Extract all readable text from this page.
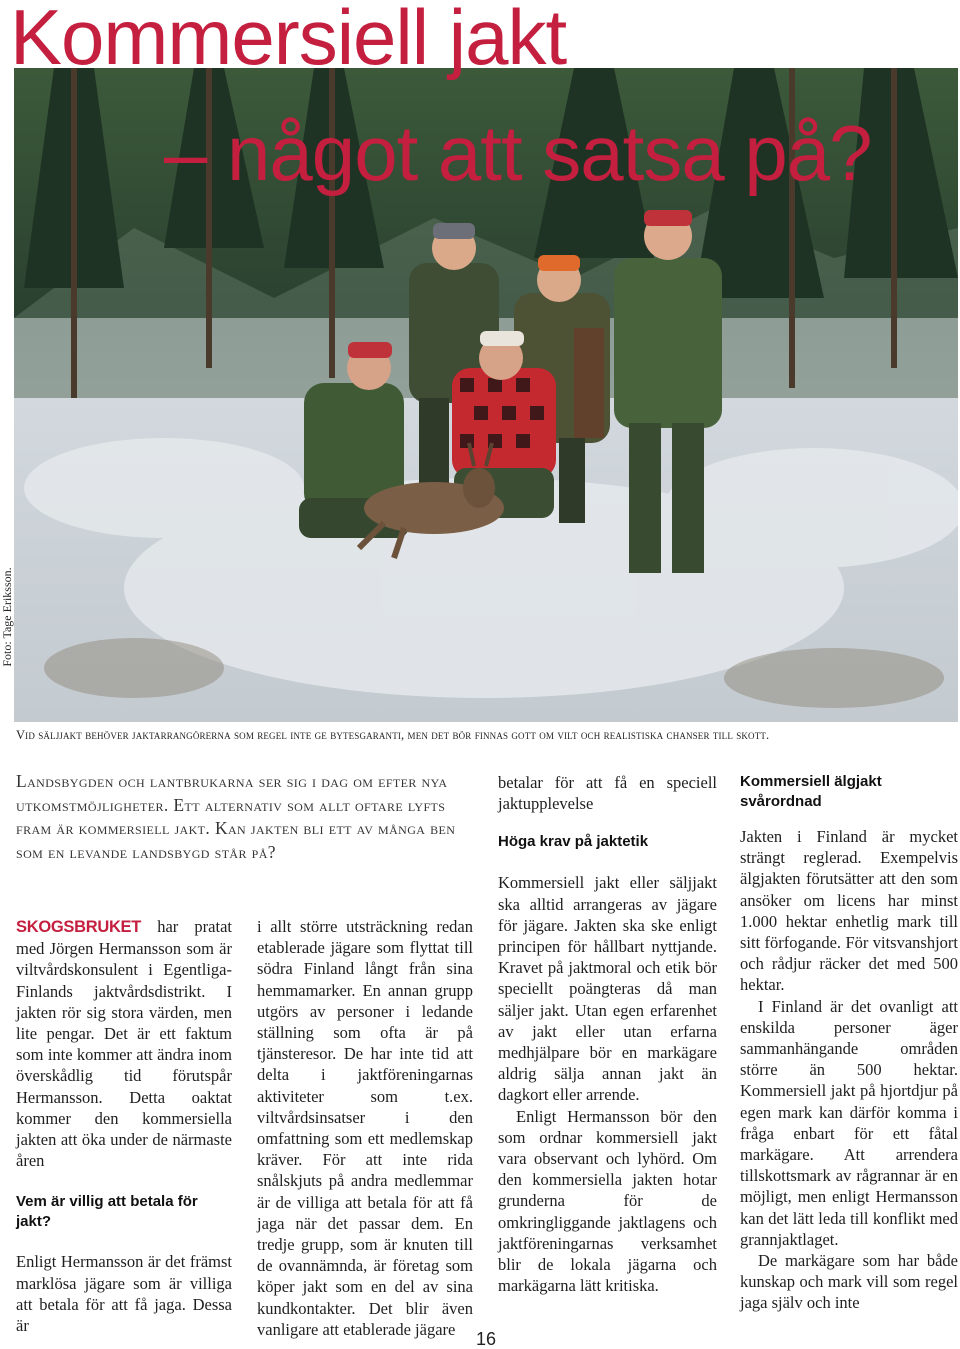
Kommersiell jakt
– något att satsa på?
Foto: Tage Eriksson.

Vid säljjakt behöver jaktarrangörerna som regel inte ge bytesgaranti, men det bör finnas gott om vilt och realistiska chanser till skott.

Landsbygden och lantbrukarna ser sig i dag om efter nya utkomstmöjligheter. Ett alternativ som allt oftare lyfts fram är kommersiell jakt. Kan jakten bli ett av många ben som en levande landsbygd står på?

SKOGSBRUKET har pratat med Jörgen Hermansson som är viltvårdskonsulent i Egentliga-Finlands jaktvårdsdistrikt. I jakten rör sig stora värden, men lite pengar. Det är ett faktum som inte kommer att ändra inom överskådlig tid förutspår Hermansson. Detta oaktat kommer den kommersiella jakten att öka under de närmaste åren

Vem är villig att betala för jakt?

Enligt Hermansson är det främst marklösa jägare som är villiga att betala för att få jaga. Dessa är

i allt större utsträckning redan etablerade jägare som flyttat till södra Finland långt från sina hemmamarker. En annan grupp utgörs av personer i ledande ställning som ofta är på tjänsteresor. De har inte tid att delta i jaktföreningarnas aktiviteter som t.ex. viltvårdsinsatser i den omfattning som ett medlemskap kräver. För att inte rida snålskjuts på andra medlemmar är de villiga att betala för att få jaga när det passar dem. En tredje grupp, som är knuten till de ovannämnda, är företag som köper jakt som en del av sina kundkontakter. Det blir även vanligare att etablerade jägare

betalar för att få en speciell jaktupplevelse

Höga krav på jaktetik

Kommersiell jakt eller säljjakt ska alltid arrangeras av jägare för jägare. Jakten ska ske enligt principen för hållbart nyttjande. Kravet på jaktmoral och etik bör speciellt poängteras då man säljer jakt. Utan egen erfarenhet av jakt eller utan erfarna medhjälpare bör en markägare aldrig sälja annan jakt än dagkort eller arrende.

Enligt Hermansson bör den som ordnar kommersiell jakt vara observant och lyhörd. Om den kommersiella jakten hotar grunderna för de omkringliggande jaktlagens och jaktföreningarnas verksamhet blir de lokala jägarna och markägarna lätt kritiska.

Kommersiell älgjakt svårordnad

Jakten i Finland är mycket strängt reglerad. Exempelvis älgjakten förutsätter att den som ansöker om licens har minst 1.000 hektar enhetlig mark till sitt förfogande. För vitsvanshjort och rådjur räcker det med 500 hektar.

I Finland är det ovanligt att enskilda personer äger sammanhängande områden större än 500 hektar. Kommersiell jakt på hjortdjur på egen mark kan därför komma i fråga enbart för ett fåtal markägare. Att arrendera tillskottsmark av rågrannar är en möjligt, men enligt Hermansson kan det lätt leda till konflikt med grannjaktlaget.

De markägare som har både kunskap och mark vill som regel jaga själv och inte

16
